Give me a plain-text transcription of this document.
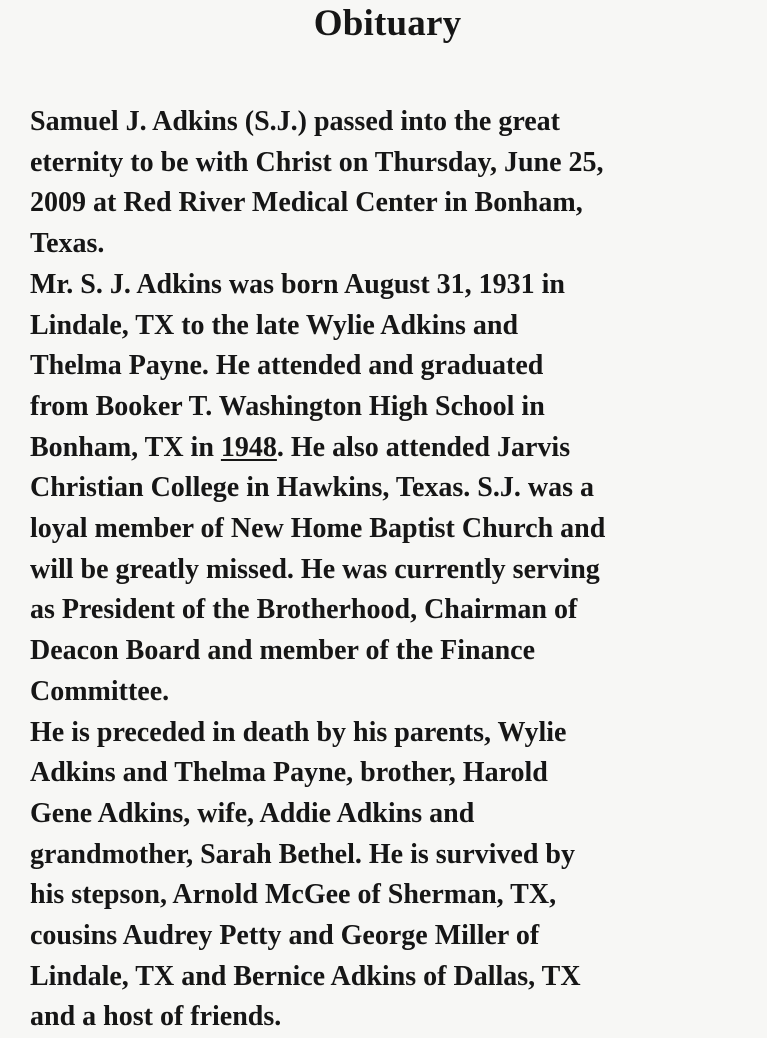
Obituary

Samuel J. Adkins (S.J.) passed into the great
eternity to be with Christ on Thursday, June 25,
2009 at Red River Medical Center in Bonham,
Texas.

Mr. S. J. Adkins was born August 31, 1931 in
Lindale, TX to the late Wylie Adkins and
Thelma Payne. He attended and graduated
from Booker T. Washington High School in
Bonham, TX in 1948. He also attended Jarvis
Christian College in Hawkins, Texas. S.J. was a
loyal member of New Home Baptist Church and
will be greatly missed. He was currently serving
as President of the Brotherhood, Chairman of
Deacon Board and member of the Finance
Committee.

He is preceded in death by his parents, Wylie
Adkins and Thelma Payne, brother, Harold
Gene Adkins, wife, Addie Adkins and
grandmother, Sarah Bethel. He is survived by
his stepson, Arnold McGee of Sherman, TX,
cousins Audrey Petty and George Miller of
Lindale, TX and Bernice Adkins of Dallas, TX
and a host of friends.
